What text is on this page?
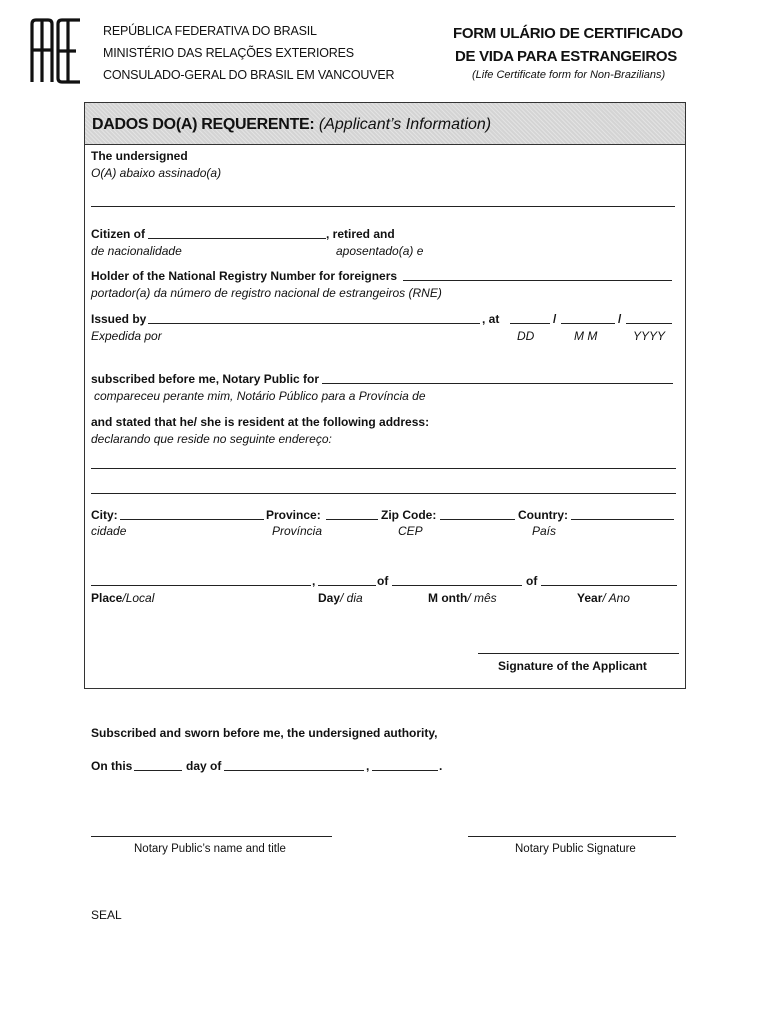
REPÚBLICA FEDERATIVA DO BRASIL
MINISTÉRIO DAS RELAÇÕES EXTERIORES
CONSULADO-GERAL DO BRASIL EM VANCOUVER
FORM ULÁRIO DE CERTIFICADO
DE VIDA PARA ESTRANGEIROS
(Life Certificate form for Non-Brazilians)
DADOS DO(A) REQUERENTE: (Applicant’s Information)
The undersigned
O(A) abaixo assinado(a)
Citizen of	, retired and
de nacionalidade	aposentado(a) e
Holder of the National Registry Number for foreigners
portador(a) da número de registro nacional de estrangeiros (RNE)
Issued by	, at	/	/
Expedida por	DD	M M	YYYY
subscribed before me, Notary Public for
compareceu perante mim, Notário Público para a Província de
and stated that he/ she is resident at the following address:
declarando que reside no seguinte endereço:
City:	Province:	Zip Code:	Country:
cidade	Província	CEP	País
,	of	of
Place/Local	Day/ dia	M onth/ mês	Year/ Ano
Signature of the Applicant
Subscribed and sworn before me, the undersigned authority,
On this	day of	,	.
Notary Public’s name and title	Notary Public Signature
SEAL
